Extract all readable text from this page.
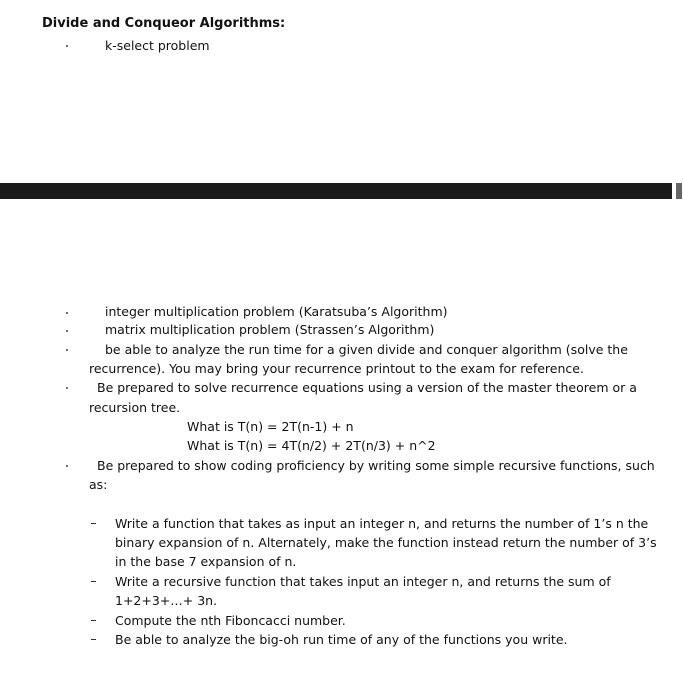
Divide and Conqueor Algorithms:
k-select problem
integer multiplication problem (Karatsuba’s Algorithm)
matrix multiplication problem (Strassen’s Algorithm)
be able to analyze the run time for a given divide and conquer algorithm (solve the
recurrence). You may bring your recurrence printout to the exam for reference.
Be prepared to solve recurrence equations using a version of the master theorem or a
recursion tree.
What is T(n) = 2T(n-1) + n
What is T(n) = 4T(n/2) + 2T(n/3) + n^2
Be prepared to show coding proficiency by writing some simple recursive functions, such
as:
Write a function that takes as input an integer n, and returns the number of 1’s n the
binary expansion of n. Alternately, make the function instead return the number of 3’s
in the base 7 expansion of n.
Write a recursive function that takes input an integer n, and returns the sum of
1+2+3+…+ 3n.
Compute the nth Fiboncacci number.
Be able to analyze the big-oh run time of any of the functions you write.
